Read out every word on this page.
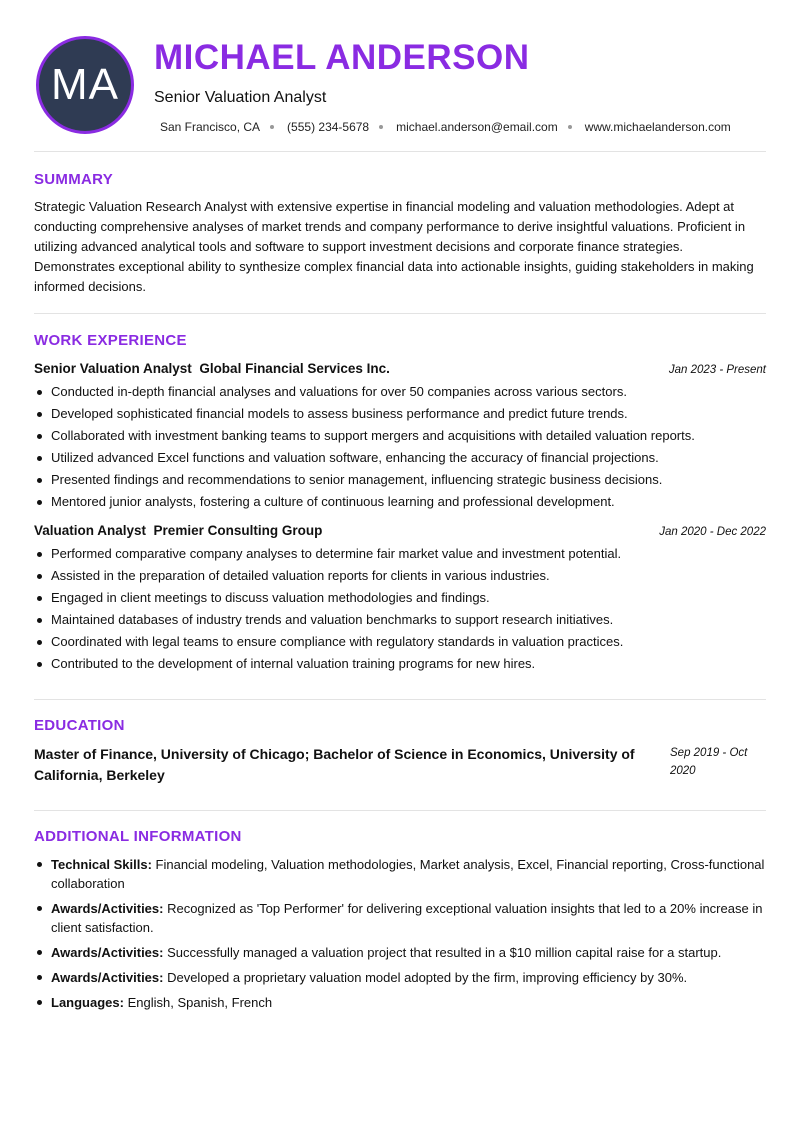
MA
MICHAEL ANDERSON
Senior Valuation Analyst
San Francisco, CA (555) 234-5678 michael.anderson@email.com www.michaelanderson.com
SUMMARY

Strategic Valuation Research Analyst with extensive expertise in financial modeling and valuation methodologies. Adept at conducting comprehensive analyses of market trends and company performance to derive insightful valuations. Proficient in utilizing advanced analytical tools and software to support investment decisions and corporate finance strategies. Demonstrates exceptional ability to synthesize complex financial data into actionable insights, guiding stakeholders in making informed decisions.

WORK EXPERIENCE
Senior Valuation Analyst Global Financial Services Inc.	Jan 2023 - Present
Conducted in-depth financial analyses and valuations for over 50 companies across various sectors.
Developed sophisticated financial models to assess business performance and predict future trends.
Collaborated with investment banking teams to support mergers and acquisitions with detailed valuation reports.
Utilized advanced Excel functions and valuation software, enhancing the accuracy of financial projections.
Presented findings and recommendations to senior management, influencing strategic business decisions.
Mentored junior analysts, fostering a culture of continuous learning and professional development.
Valuation Analyst Premier Consulting Group	Jan 2020 - Dec 2022
Performed comparative company analyses to determine fair market value and investment potential.
Assisted in the preparation of detailed valuation reports for clients in various industries.
Engaged in client meetings to discuss valuation methodologies and findings.
Maintained databases of industry trends and valuation benchmarks to support research initiatives.
Coordinated with legal teams to ensure compliance with regulatory standards in valuation practices.
Contributed to the development of internal valuation training programs for new hires.
EDUCATION
Master of Finance, University of Chicago; Bachelor of Science in Economics, University of California, Berkeley
Sep 2019 - Oct 2020
ADDITIONAL INFORMATION
Technical Skills: Financial modeling, Valuation methodologies, Market analysis, Excel, Financial reporting, Cross-functional collaboration
Awards/Activities: Recognized as 'Top Performer' for delivering exceptional valuation insights that led to a 20% increase in client satisfaction.
Awards/Activities: Successfully managed a valuation project that resulted in a $10 million capital raise for a startup.
Awards/Activities: Developed a proprietary valuation model adopted by the firm, improving efficiency by 30%.
Languages: English, Spanish, French
